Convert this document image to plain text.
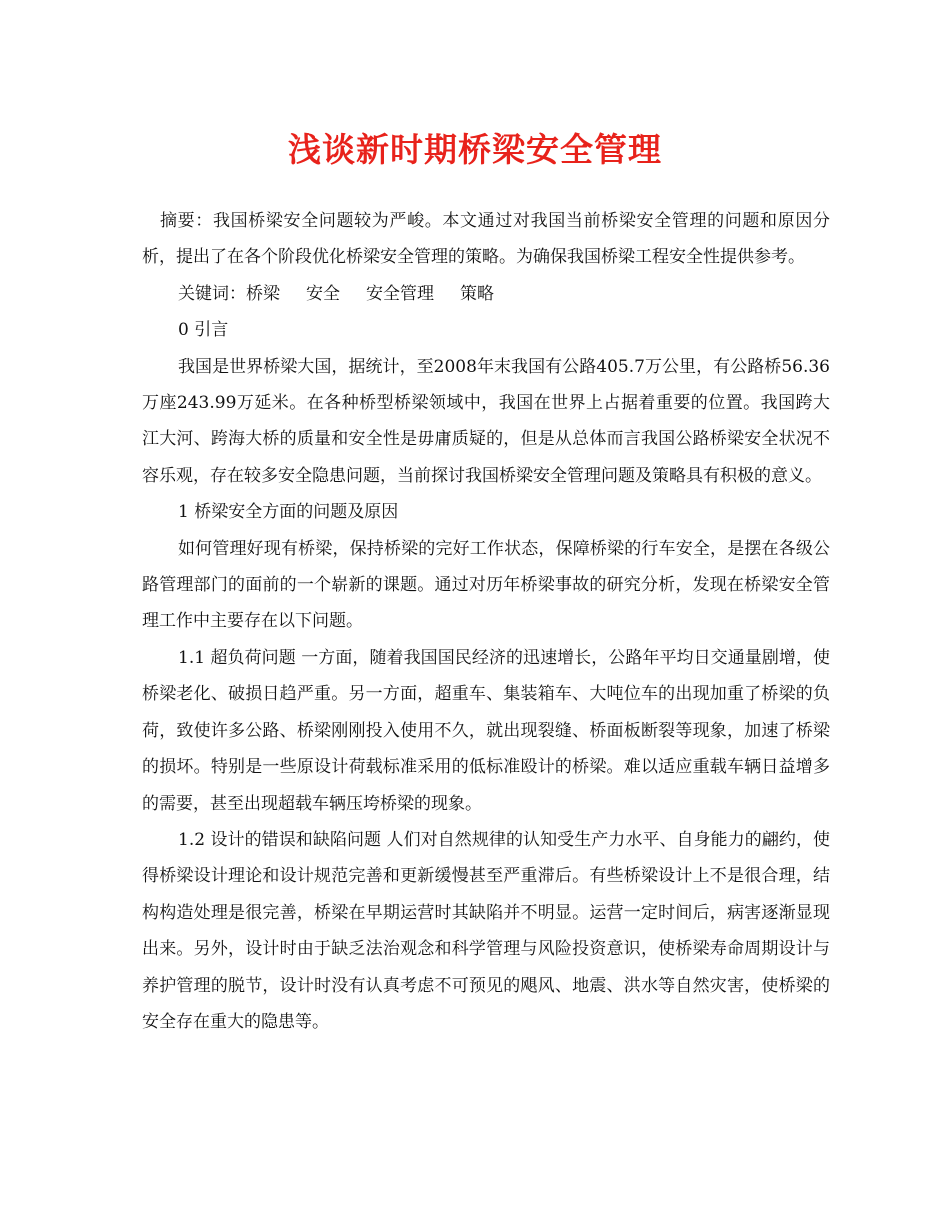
浅谈新时期桥梁安全管理

摘要：我国桥梁安全问题较为严峻。本文通过对我国当前桥梁安全管理的问题和原因分析，提出了在各个阶段优化桥梁安全管理的策略。为确保我国桥梁工程安全性提供参考。

关键词：桥梁 安全 安全管理 策略

0 引言

我国是世界桥梁大国，据统计，至2008年末我国有公路405.7万公里，有公路桥56.36万座243.99万延米。在各种桥型桥梁领域中，我国在世界上占据着重要的位置。我国跨大江大河、跨海大桥的质量和安全性是毋庸质疑的，但是从总体而言我国公路桥梁安全状况不容乐观，存在较多安全隐患问题，当前探讨我国桥梁安全管理问题及策略具有积极的意义。

1 桥梁安全方面的问题及原因

如何管理好现有桥梁，保持桥梁的完好工作状态，保障桥梁的行车安全，是摆在各级公路管理部门的面前的一个崭新的课题。通过对历年桥梁事故的研究分析，发现在桥梁安全管理工作中主要存在以下问题。

1.1 超负荷问题 一方面，随着我国国民经济的迅速增长，公路年平均日交通量剧增，使桥梁老化、破损日趋严重。另一方面，超重车、集装箱车、大吨位车的出现加重了桥梁的负荷，致使许多公路、桥梁刚刚投入使用不久，就出现裂缝、桥面板断裂等现象，加速了桥梁的损坏。特别是一些原设计荷载标准采用的低标准殴计的桥梁。难以适应重载车辆日益增多的需要，甚至出现超载车辆压垮桥梁的现象。

1.2 设计的错误和缺陷问题 人们对自然规律的认知受生产力水平、自身能力的翩约，使得桥梁设计理论和设计规范完善和更新缓慢甚至严重滞后。有些桥梁设计上不是很合理，结构构造处理是很完善，桥梁在早期运营时其缺陷并不明显。运营一定时间后，病害逐渐显现出来。另外，设计时由于缺乏法治观念和科学管理与风险投资意识，使桥梁寿命周期设计与养护管理的脱节，设计时没有认真考虑不可预见的飓风、地震、洪水等自然灾害，使桥梁的安全存在重大的隐患等。
